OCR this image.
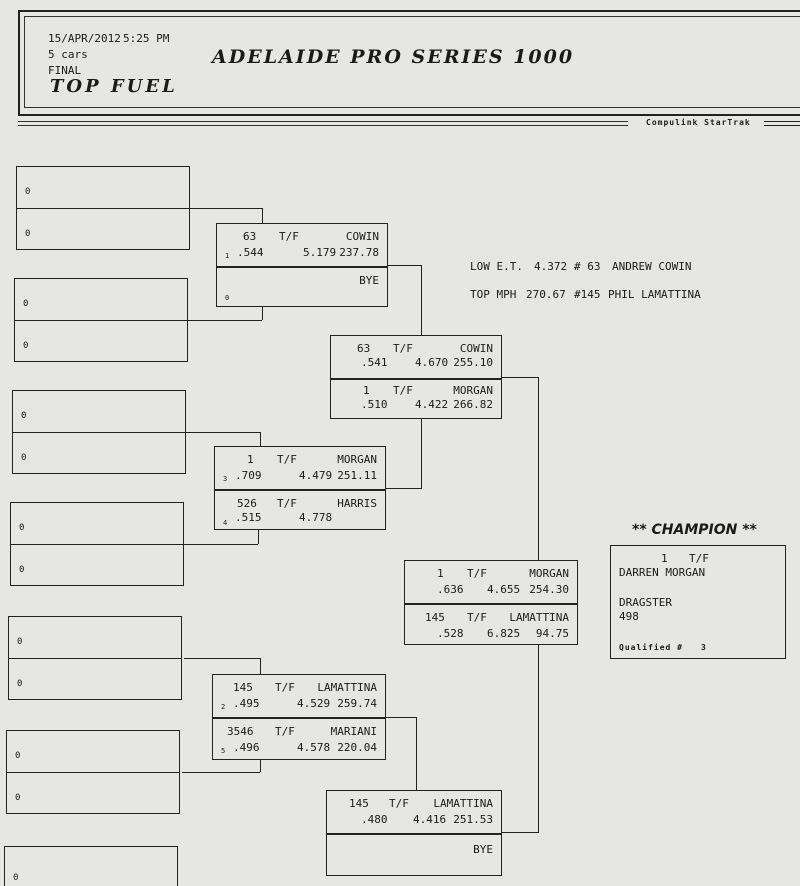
15/APR/2012 5:25 PM
5 cars
FINAL
ADELAIDE PRO SERIES 1000
TOP FUEL
Compulink StarTrak
0
0
0
0
0
0
0
0
0
0
0
0
0
63 T/F	COWIN
1 .544	5.179 237.78
BYE
0
1 T/F	MORGAN
3 .709	4.479 251.11
526 T/F	HARRIS
4 .515	4.778
145 T/F LAMATTINA
2 .495	4.529 259.74
3546 T/F	MARIANI
5 .496	4.578 220.04
LOW E.T. 4.372 # 63 ANDREW COWIN
TOP MPH 270.67 #145 PHIL LAMATTINA
63 T/F	COWIN
.541	4.670 255.10
1 T/F	MORGAN
.510	4.422 266.82
145 T/F LAMATTINA
.480 4.416 251.53
BYE
1 T/F	MORGAN
.636 4.655 254.30
145 T/F LAMATTINA
.528 6.825 94.75
** CHAMPION **
1 T/F
DARREN MORGAN
DRAGSTER
498
Qualified # 3
